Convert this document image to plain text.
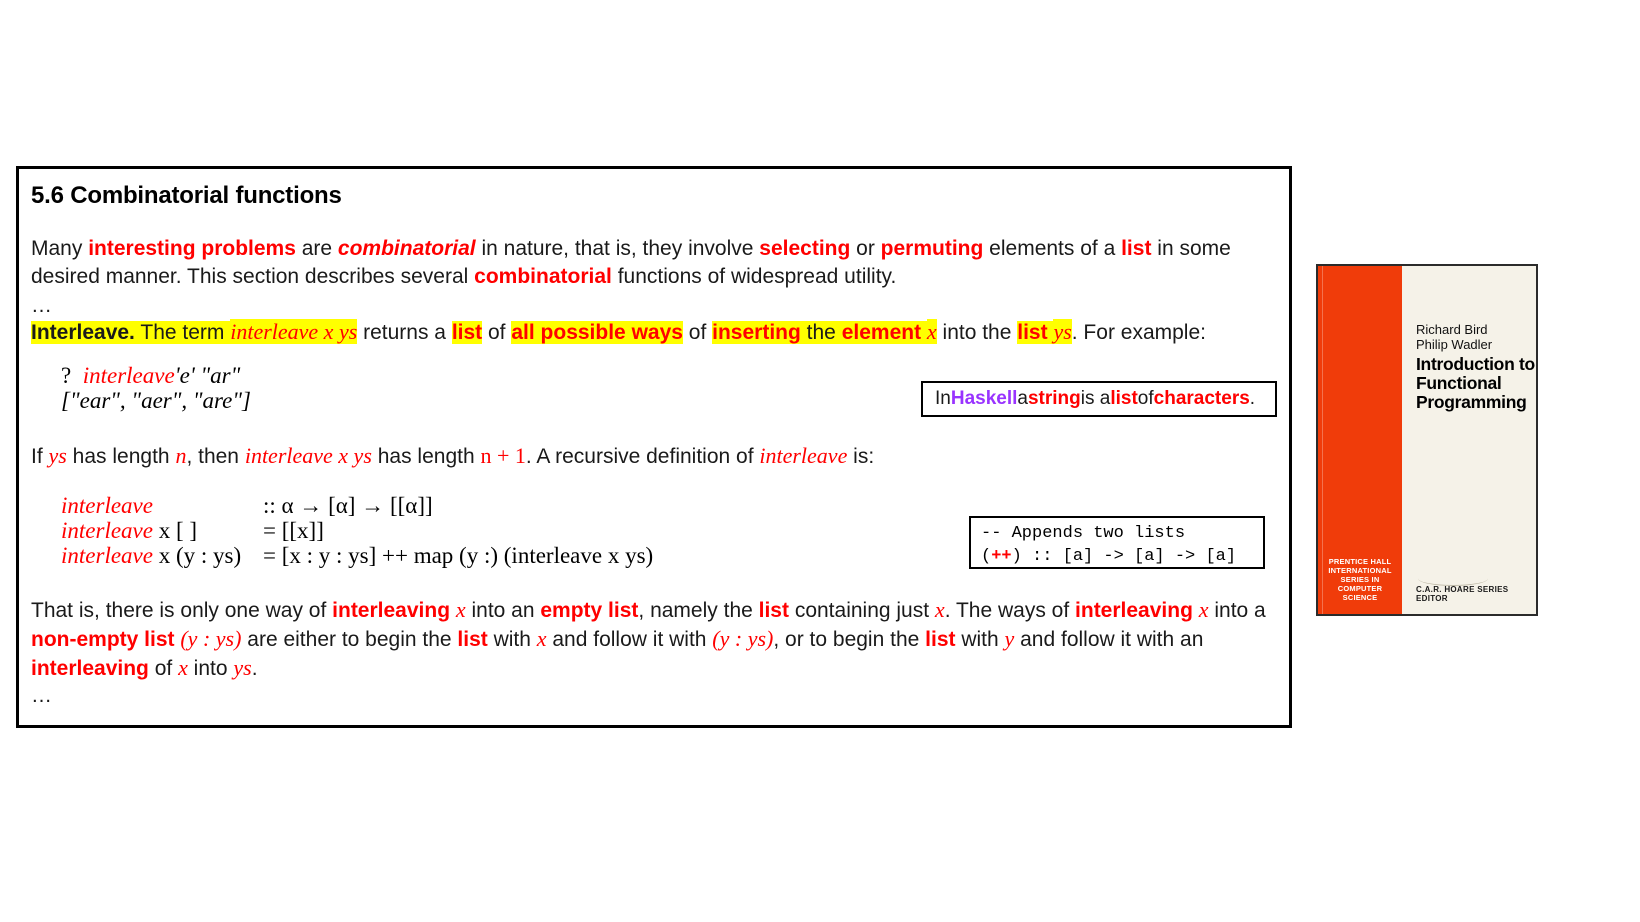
5.6 Combinatorial functions

Many interesting problems are combinatorial in nature, that is, they involve selecting or permuting elements of a list in some desired manner. This section describes several combinatorial functions of widespread utility.

…

Interleave. The term interleave x ys returns a list of all possible ways of inserting the element x into the list ys. For example:

? interleave'e' "ar"
["ear", "aer", "are"]

If ys has length n, then interleave x ys has length n + 1. A recursive definition of interleave is:

interleave	:: α → [α] → [[α]]
interleave x [ ]	= [[x]]
interleave x (y : ys) = [x : y : ys] ++ map (y :) (interleave x ys)

That is, there is only one way of interleaving x into an empty list, namely the list containing just x. The ways of interleaving x into a non-empty list (y : ys) are either to begin the list with x and follow it with (y : ys), or to begin the list with y and follow it with an interleaving of x into ys.

…

In Haskell a string is a list of characters .
-- Appends two lists
(++) :: [a] -> [a] -> [a]	PRENTICE HALL
INTERNATIONAL
SERIES IN
COMPUTER
SCIENCE
Richard Bird
Philip Wadler
Introduction to
Functional
Programming
C.A.R. HOARE SERIES EDITOR
